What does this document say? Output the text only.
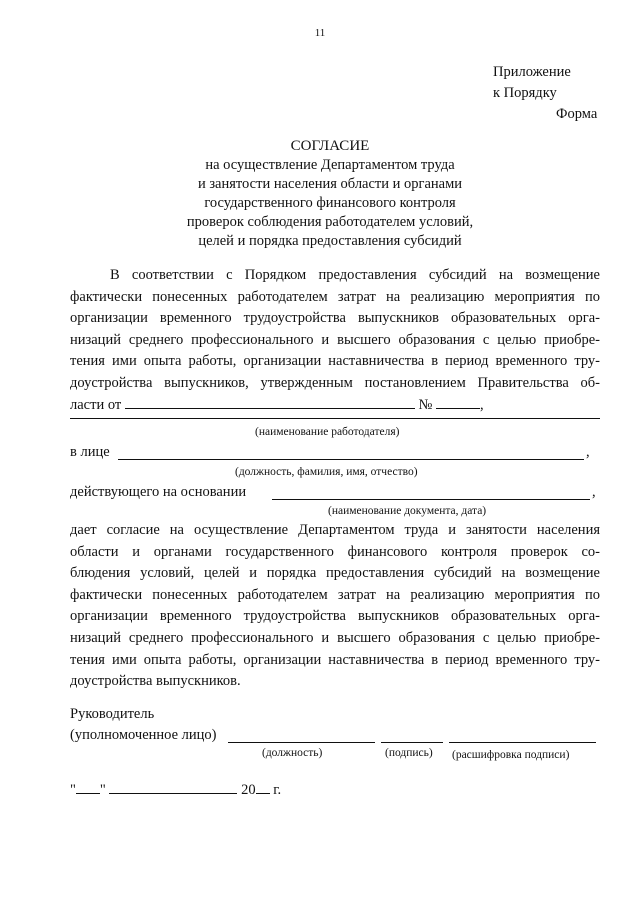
11
Приложение
к Порядку
Форма
СОГЛАСИЕ
на осуществление Департаментом труда
и занятости населения области и органами
государственного финансового контроля
проверок соблюдения работодателем условий,
целей и порядка предоставления субсидий
В соответствии с Порядком предоставления субсидий на возмещение
фактически понесенных работодателем затрат на реализацию мероприятия по
организации временного трудоустройства выпускников образовательных орга-
низаций среднего профессионального и высшего образования с целью приобре-
тения ими опыта работы, организации наставничества в период временного тру-
доустройства выпускников, утвержденным постановлением Правительства об-
ласти от	№	,
(наименование работодателя)
в лице	,
(должность, фамилия, имя, отчество)
действующего на основании	,
(наименование документа, дата)
дает согласие на осуществление Департаментом труда и занятости населения
области и органами государственного финансового контроля проверок со-
блюдения условий, целей и порядка предоставления субсидий на возмещение
фактически понесенных работодателем затрат на реализацию мероприятия по
организации временного трудоустройства выпускников образовательных орга-
низаций среднего профессионального и высшего образования с целью приобре-
тения ими опыта работы, организации наставничества в период временного тру-
доустройства выпускников.
Руководитель
(уполномоченное лицо)
(должность)	(подпись) (расшифровка подписи)
" "	20 г.
